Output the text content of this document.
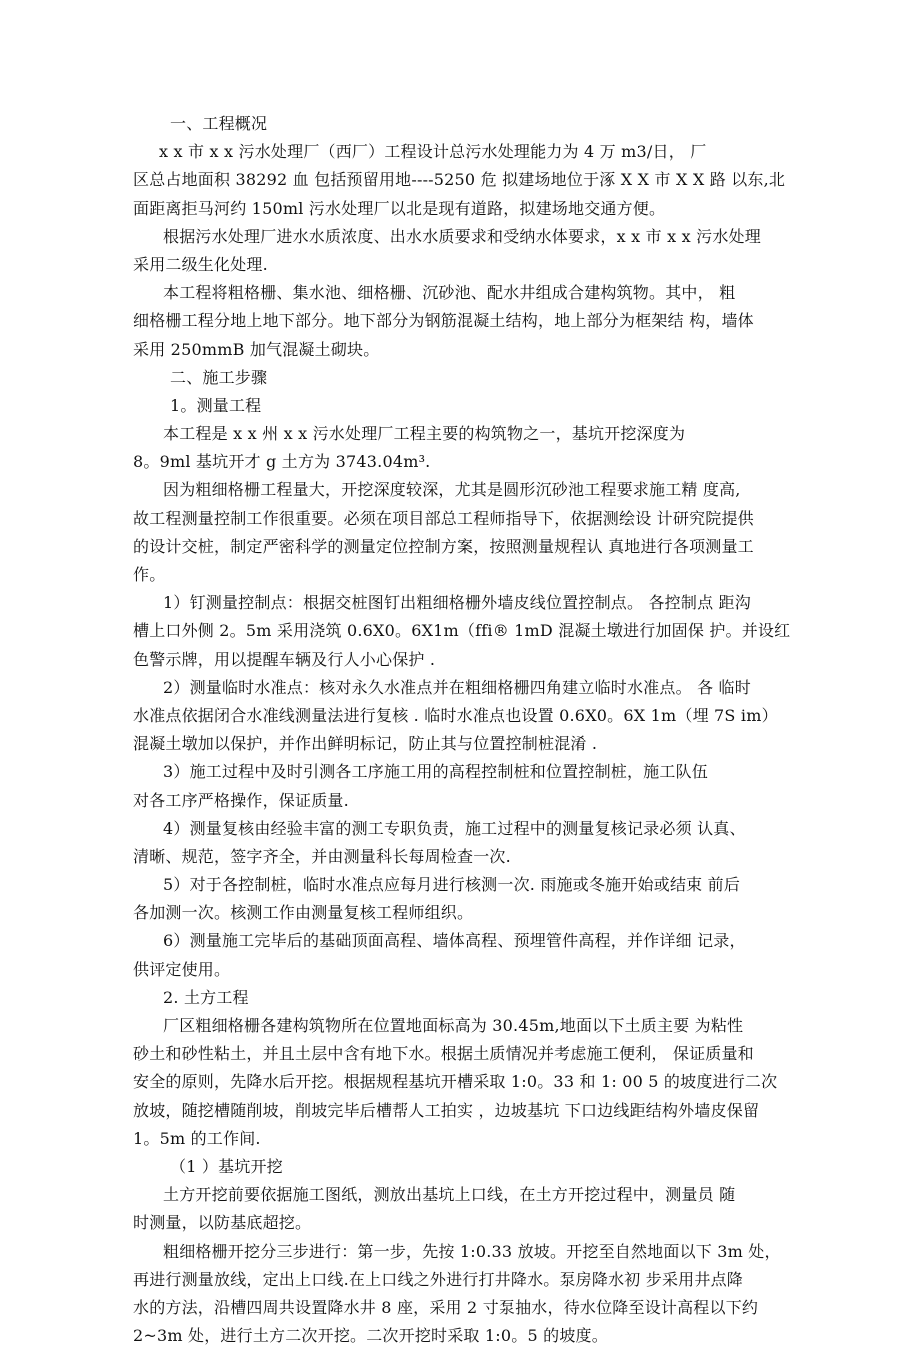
一、工程概况
x x 市 x x 污水处理厂（西厂）工程设计总污水处理能力为 4 万 m3/日， 厂
区总占地面积 38292 血 包括预留用地----5250 危 拟建场地位于涿 X X 市 X X 路 以东,北
面距离拒马河约 150ml 污水处理厂以北是现有道路，拟建场地交通方便。
根据污水处理厂进水水质浓度、出水水质要求和受纳水体要求，x x 市 x x 污水处理
采用二级生化处理.
本工程将粗格栅、集水池、细格栅、沉砂池、配水井组成合建构筑物。其中， 粗
细格栅工程分地上地下部分。地下部分为钢筋混凝土结构，地上部分为框架结 构，墙体
采用 250mmB 加气混凝土砌块。
二、施工步骤
1。测量工程
本工程是 x x 州 x x 污水处理厂工程主要的构筑物之一，基坑开挖深度为
8。9ml 基坑开才 g 土方为 3743.04m³.
因为粗细格栅工程量大，开挖深度较深，尤其是圆形沉砂池工程要求施工精 度高,
故工程测量控制工作很重要。必须在项目部总工程师指导下，依据测绘设 计研究院提供
的设计交桩，制定严密科学的测量定位控制方案，按照测量规程认 真地进行各项测量工
作。
1）钉测量控制点：根据交桩图钉出粗细格栅外墙皮线位置控制点。 各控制点 距沟
槽上口外侧 2。5m 采用浇筑 0.6X0。6X1m（ffi® 1mD 混凝土墩进行加固保 护。并设红
色警示牌，用以提醒车辆及行人小心保护 .
2）测量临时水准点：核对永久水准点并在粗细格栅四角建立临时水准点。 各 临时
水准点依据闭合水准线测量法进行复核 . 临时水准点也设置 0.6X0。6X 1m（埋 7S im）
混凝土墩加以保护，并作出鲜明标记，防止其与位置控制桩混淆 .
3）施工过程中及时引测各工序施工用的高程控制桩和位置控制桩，施工队伍
对各工序严格操作，保证质量.
4）测量复核由经验丰富的测工专职负责，施工过程中的测量复核记录必须 认真、
清晰、规范，签字齐全，并由测量科长每周检查一次.
5）对于各控制桩，临时水准点应每月进行核测一次. 雨施或冬施开始或结束 前后
各加测一次。核测工作由测量复核工程师组织。
6）测量施工完毕后的基础顶面高程、墙体高程、预埋管件高程，并作详细 记录，
供评定使用。
2. 土方工程
厂区粗细格栅各建构筑物所在位置地面标高为 30.45m,地面以下土质主要 为粘性
砂土和砂性粘土，并且土层中含有地下水。根据土质情况并考虑施工便利， 保证质量和
安全的原则，先降水后开挖。根据规程基坑开槽采取 1:0。33 和 1: 00 5 的坡度进行二次
放坡，随挖槽随削坡，削坡完毕后槽帮人工拍实 ，边坡基坑 下口边线距结构外墙皮保留
1。5m 的工作间.
（1 ）基坑开挖
土方开挖前要依据施工图纸，测放出基坑上口线，在土方开挖过程中，测量员 随
时测量，以防基底超挖。
粗细格栅开挖分三步进行：第一步，先按 1:0.33 放坡。开挖至自然地面以下 3m 处，
再进行测量放线，定出上口线.在上口线之外进行打井降水。泵房降水初 步采用井点降
水的方法，沿槽四周共设置降水井 8 座，采用 2 寸泵抽水，待水位降至设计高程以下约
2~3m 处，进行土方二次开挖。二次开挖时采取 1:0。5 的坡度。
